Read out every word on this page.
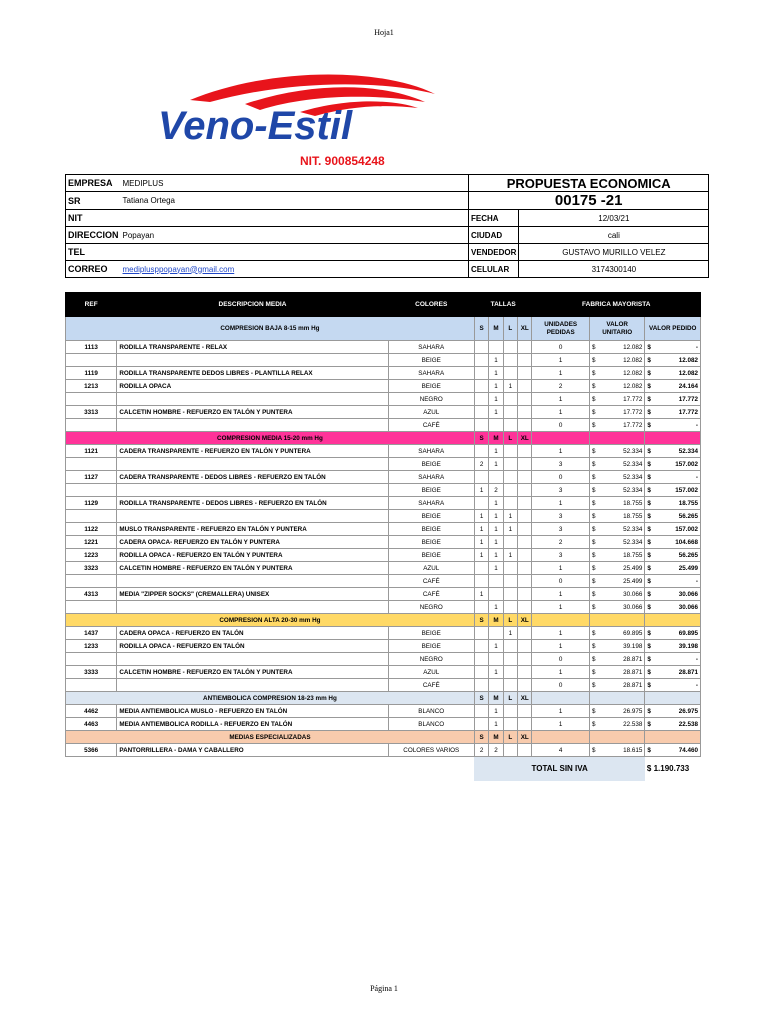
Hoja1
Veno-Estil
NIT. 900854248
EMPRESA	MEDIPLUS	PROPUESTA ECONOMICA	
SR	Tatiana Ortega	00175 -21	
NIT		FECHA	12/03/21
DIRECCION	Popayan	CIUDAD	cali
TEL		VENDEDOR	GUSTAVO MURILLO VELEZ
CORREO	mediplusppopayan@gmail.com	CELULAR	3174300140
REF	DESCRIPCION MEDIA	COLORES	TALLAS				FABRICA MAYORISTA		
COMPRESION BAJA 8-15 mm Hg			S	M	L	XL	UNIDADES PEDIDAS	VALOR UNITARIO	VALOR PEDIDO
1113	RODILLA TRANSPARENTE - RELAX	SAHARA					0	$ 12.082	$ -

		BEIGE		1			1	$ 12.082	$ 12.082

1119	RODILLA TRANSPARENTE DEDOS LIBRES - PLANTILLA RELAX	SAHARA		1			1	$ 12.082	$ 12.082

1213	RODILLA OPACA	BEIGE		1	1		2	$ 12.082	$ 24.164

		NEGRO		1			1	$ 17.772	$ 17.772

3313	CALCETIN HOMBRE - REFUERZO EN TALÓN Y PUNTERA	AZUL		1			1	$ 17.772	$ 17.772

		CAFÉ					0	$ 17.772	$ -

COMPRESION MEDIA 15-20 mm Hg			S	M	L	XL			
1121	CADERA TRANSPARENTE - REFUERZO EN TALÓN Y PUNTERA	SAHARA		1			1	$ 52.334	$ 52.334

		BEIGE	2	1			3	$ 52.334	$ 157.002

1127	CADERA TRANSPARENTE - DEDOS LIBRES - REFUERZO EN TALÓN	SAHARA					0	$ 52.334	$ -

		BEIGE	1	2			3	$ 52.334	$ 157.002

1129	RODILLA TRANSPARENTE - DEDOS LIBRES - REFUERZO EN TALÓN	SAHARA		1			1	$ 18.755	$ 18.755

		BEIGE	1	1	1		3	$ 18.755	$ 56.265

1122	MUSLO TRANSPARENTE - REFUERZO EN TALÓN Y PUNTERA	BEIGE	1	1	1		3	$ 52.334	$ 157.002

1221	CADERA OPACA- REFUERZO EN TALÓN Y PUNTERA	BEIGE	1	1			2	$ 52.334	$ 104.668

1223	RODILLA OPACA - REFUERZO EN TALÓN Y PUNTERA	BEIGE	1	1	1		3	$ 18.755	$ 56.265

3323	CALCETIN HOMBRE - REFUERZO EN TALÓN Y PUNTERA	AZUL		1			1	$ 25.499	$ 25.499

		CAFÉ					0	$ 25.499	$ -

4313	MEDIA "ZIPPER SOCKS" (CREMALLERA) UNISEX	CAFÉ	1				1	$ 30.066	$ 30.066

		NEGRO		1			1	$ 30.066	$ 30.066

COMPRESION ALTA 20-30 mm Hg			S	M	L	XL			
1437	CADERA OPACA - REFUERZO EN TALÓN	BEIGE			1		1	$ 69.895	$ 69.895

1233	RODILLA OPACA - REFUERZO EN TALÓN	BEIGE		1			1	$ 39.198	$ 39.198

		NEGRO					0	$ 28.871	$ -

3333	CALCETIN HOMBRE - REFUERZO EN TALÓN Y PUNTERA	AZUL		1			1	$ 28.871	$ 28.871

		CAFÉ					0	$ 28.871	$ -

ANTIEMBOLICA COMPRESION 18-23 mm Hg			S	M	L	XL			
4462	MEDIA ANTIEMBOLICA MUSLO - REFUERZO EN TALÓN	BLANCO		1			1	$ 26.975	$ 26.975

4463	MEDIA ANTIEMBOLICA RODILLA - REFUERZO EN TALÓN	BLANCO		1			1	$ 22.538	$ 22.538

MEDIAS ESPECIALIZADAS			S	M	L	XL			
5366	PANTORRILLERA - DAMA Y CABALLERO	COLORES VARIOS	2	2			4	$ 18.615	$ 74.460

			TOTAL SIN IVA						$ 1.190.733
Página 1
